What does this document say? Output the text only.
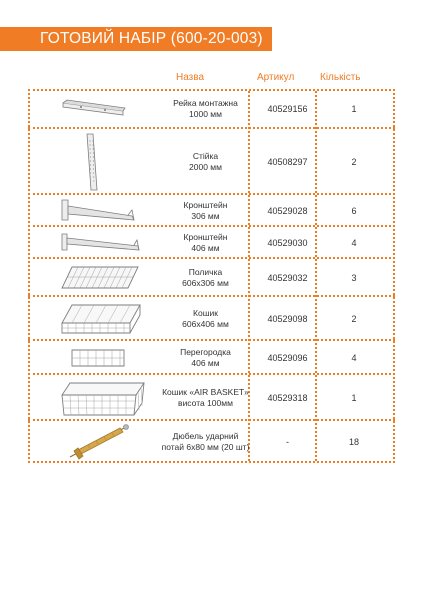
ГОТОВИЙ НАБІР (600-20-003)
Назва	Артикул	Кількість
Рейка монтажна
1000 мм	40529156	1
Стійка
2000 мм	40508297	2
Кронштейн
306 мм	40529028	6
Кронштейн
406 мм	40529030	4
Поличка
606х306 мм	40529032	3
Кошик
606х406 мм	40529098	2
Перегородка
406 мм	40529096	4
Кошик «AIR BASKET»
висота 100мм	40529318	1
Дюбель ударний
потай 6х80 мм (20 шт)	-	18
